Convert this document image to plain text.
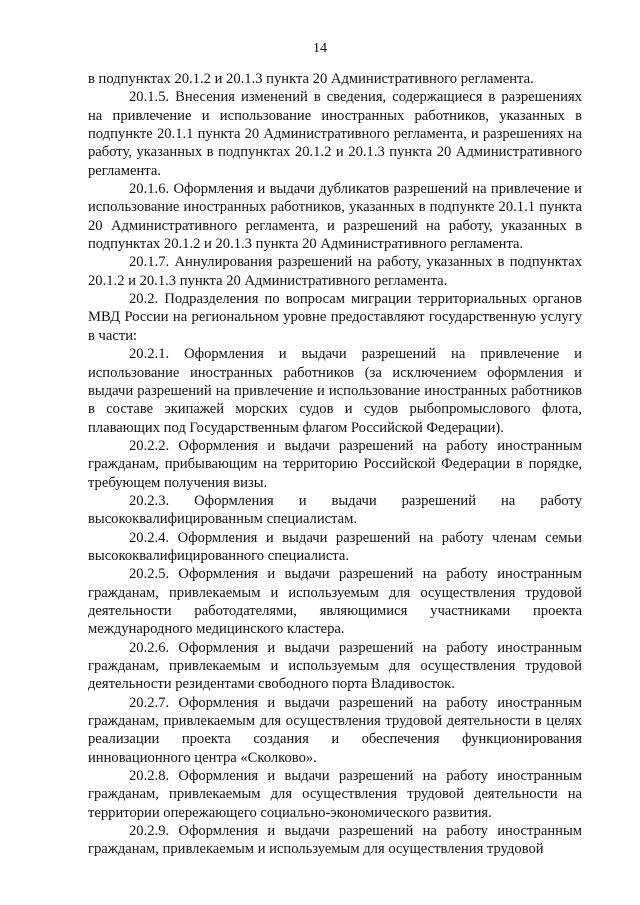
14

в подпунктах 20.1.2 и 20.1.3 пункта 20 Административного регламента.

20.1.5. Внесения изменений в сведения, содержащиеся в разрешениях на привлечение и использование иностранных работников, указанных в подпункте 20.1.1 пункта 20 Административного регламента, и разрешениях на работу, указанных в подпунктах 20.1.2 и 20.1.3 пункта 20 Административного регламента.

20.1.6. Оформления и выдачи дубликатов разрешений на привлечение и использование иностранных работников, указанных в подпункте 20.1.1 пункта 20 Административного регламента, и разрешений на работу, указанных в подпунктах 20.1.2 и 20.1.3 пункта 20 Административного регламента.

20.1.7. Аннулирования разрешений на работу, указанных в подпунктах 20.1.2 и 20.1.3 пункта 20 Административного регламента.

20.2. Подразделения по вопросам миграции территориальных органов МВД России на региональном уровне предоставляют государственную услугу в части:

20.2.1. Оформления и выдачи разрешений на привлечение и использование иностранных работников (за исключением оформления и выдачи разрешений на привлечение и использование иностранных работников в составе экипажей морских судов и судов рыбопромыслового флота, плавающих под Государственным флагом Российской Федерации).

20.2.2. Оформления и выдачи разрешений на работу иностранным гражданам, прибывающим на территорию Российской Федерации в порядке, требующем получения визы.

20.2.3. Оформления и выдачи разрешений на работу высококвалифицированным специалистам.

20.2.4. Оформления и выдачи разрешений на работу членам семьи высококвалифицированного специалиста.

20.2.5. Оформления и выдачи разрешений на работу иностранным гражданам, привлекаемым и используемым для осуществления трудовой деятельности работодателями, являющимися участниками проекта международного медицинского кластера.

20.2.6. Оформления и выдачи разрешений на работу иностранным гражданам, привлекаемым и используемым для осуществления трудовой деятельности резидентами свободного порта Владивосток.

20.2.7. Оформления и выдачи разрешений на работу иностранным гражданам, привлекаемым для осуществления трудовой деятельности в целях реализации проекта создания и обеспечения функционирования инновационного центра «Сколково».

20.2.8. Оформления и выдачи разрешений на работу иностранным гражданам, привлекаемым для осуществления трудовой деятельности на территории опережающего социально-экономического развития.

20.2.9. Оформления и выдачи разрешений на работу иностранным гражданам, привлекаемым и используемым для осуществления трудовой
